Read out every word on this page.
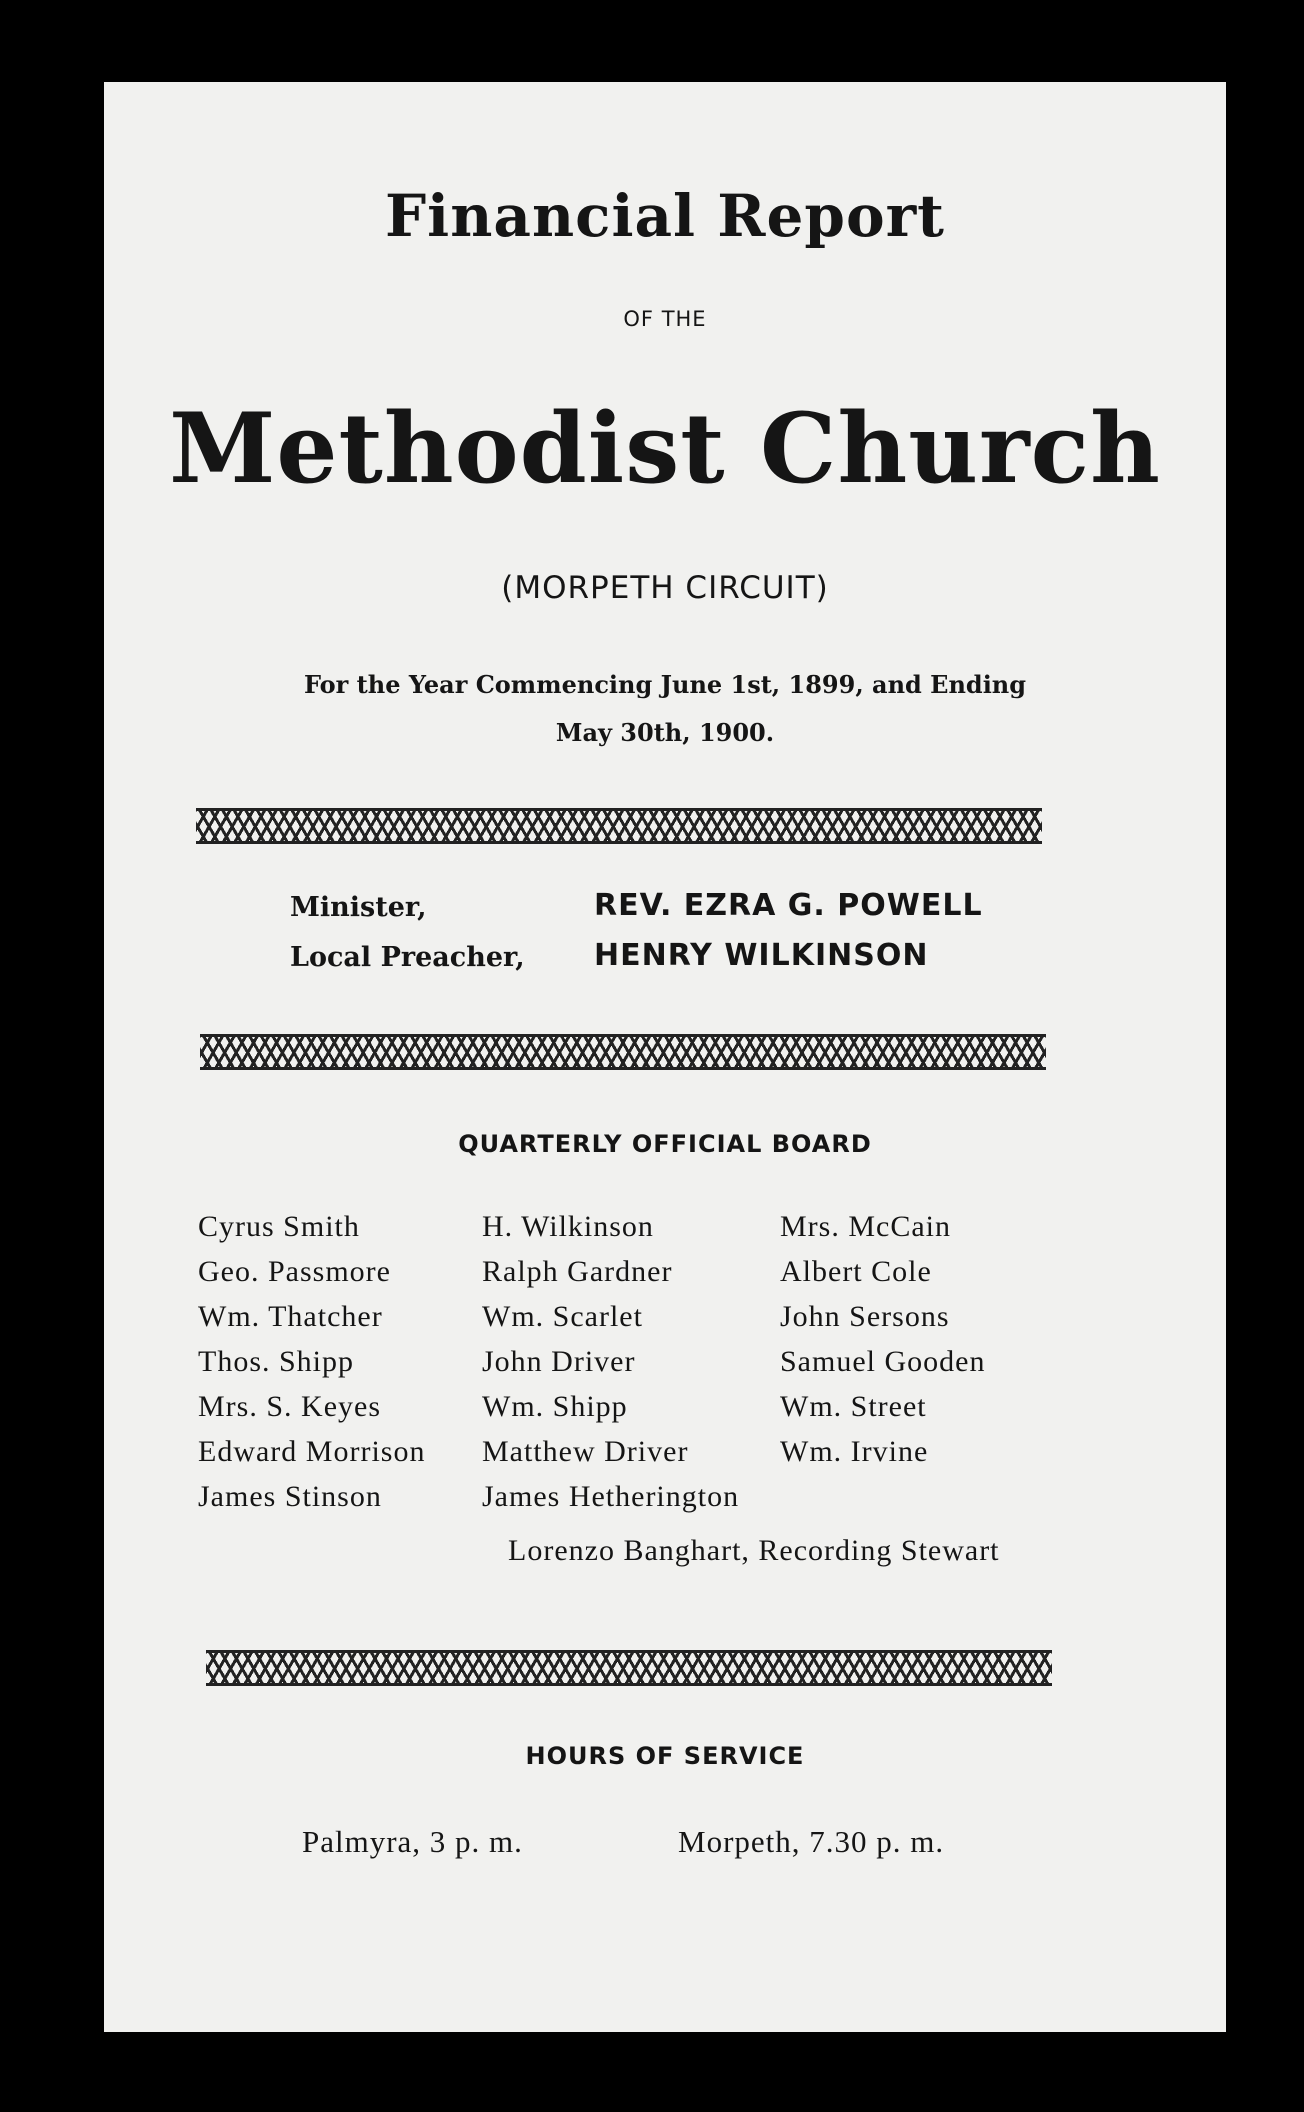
Financial Report
OF THE
Methodist Church
(MORPETH CIRCUIT)
For the Year Commencing June 1st, 1899, and Ending
May 30th, 1900.
Minister,	REV. EZRA G. POWELL
Local Preacher, HENRY WILKINSON
QUARTERLY OFFICIAL BOARD
Cyrus Smith
Geo. Passmore
Wm. Thatcher
Thos. Shipp
Mrs. S. Keyes
Edward Morrison
James Stinson
H. Wilkinson
Ralph Gardner
Wm. Scarlet
John Driver
Wm. Shipp
Matthew Driver
James Hetherington
Mrs. McCain
Albert Cole
John Sersons
Samuel Gooden
Wm. Street
Wm. Irvine
Lorenzo Banghart, Recording Stewart
HOURS OF SERVICE
Palmyra, 3 p. m.	Morpeth, 7.30 p. m.
